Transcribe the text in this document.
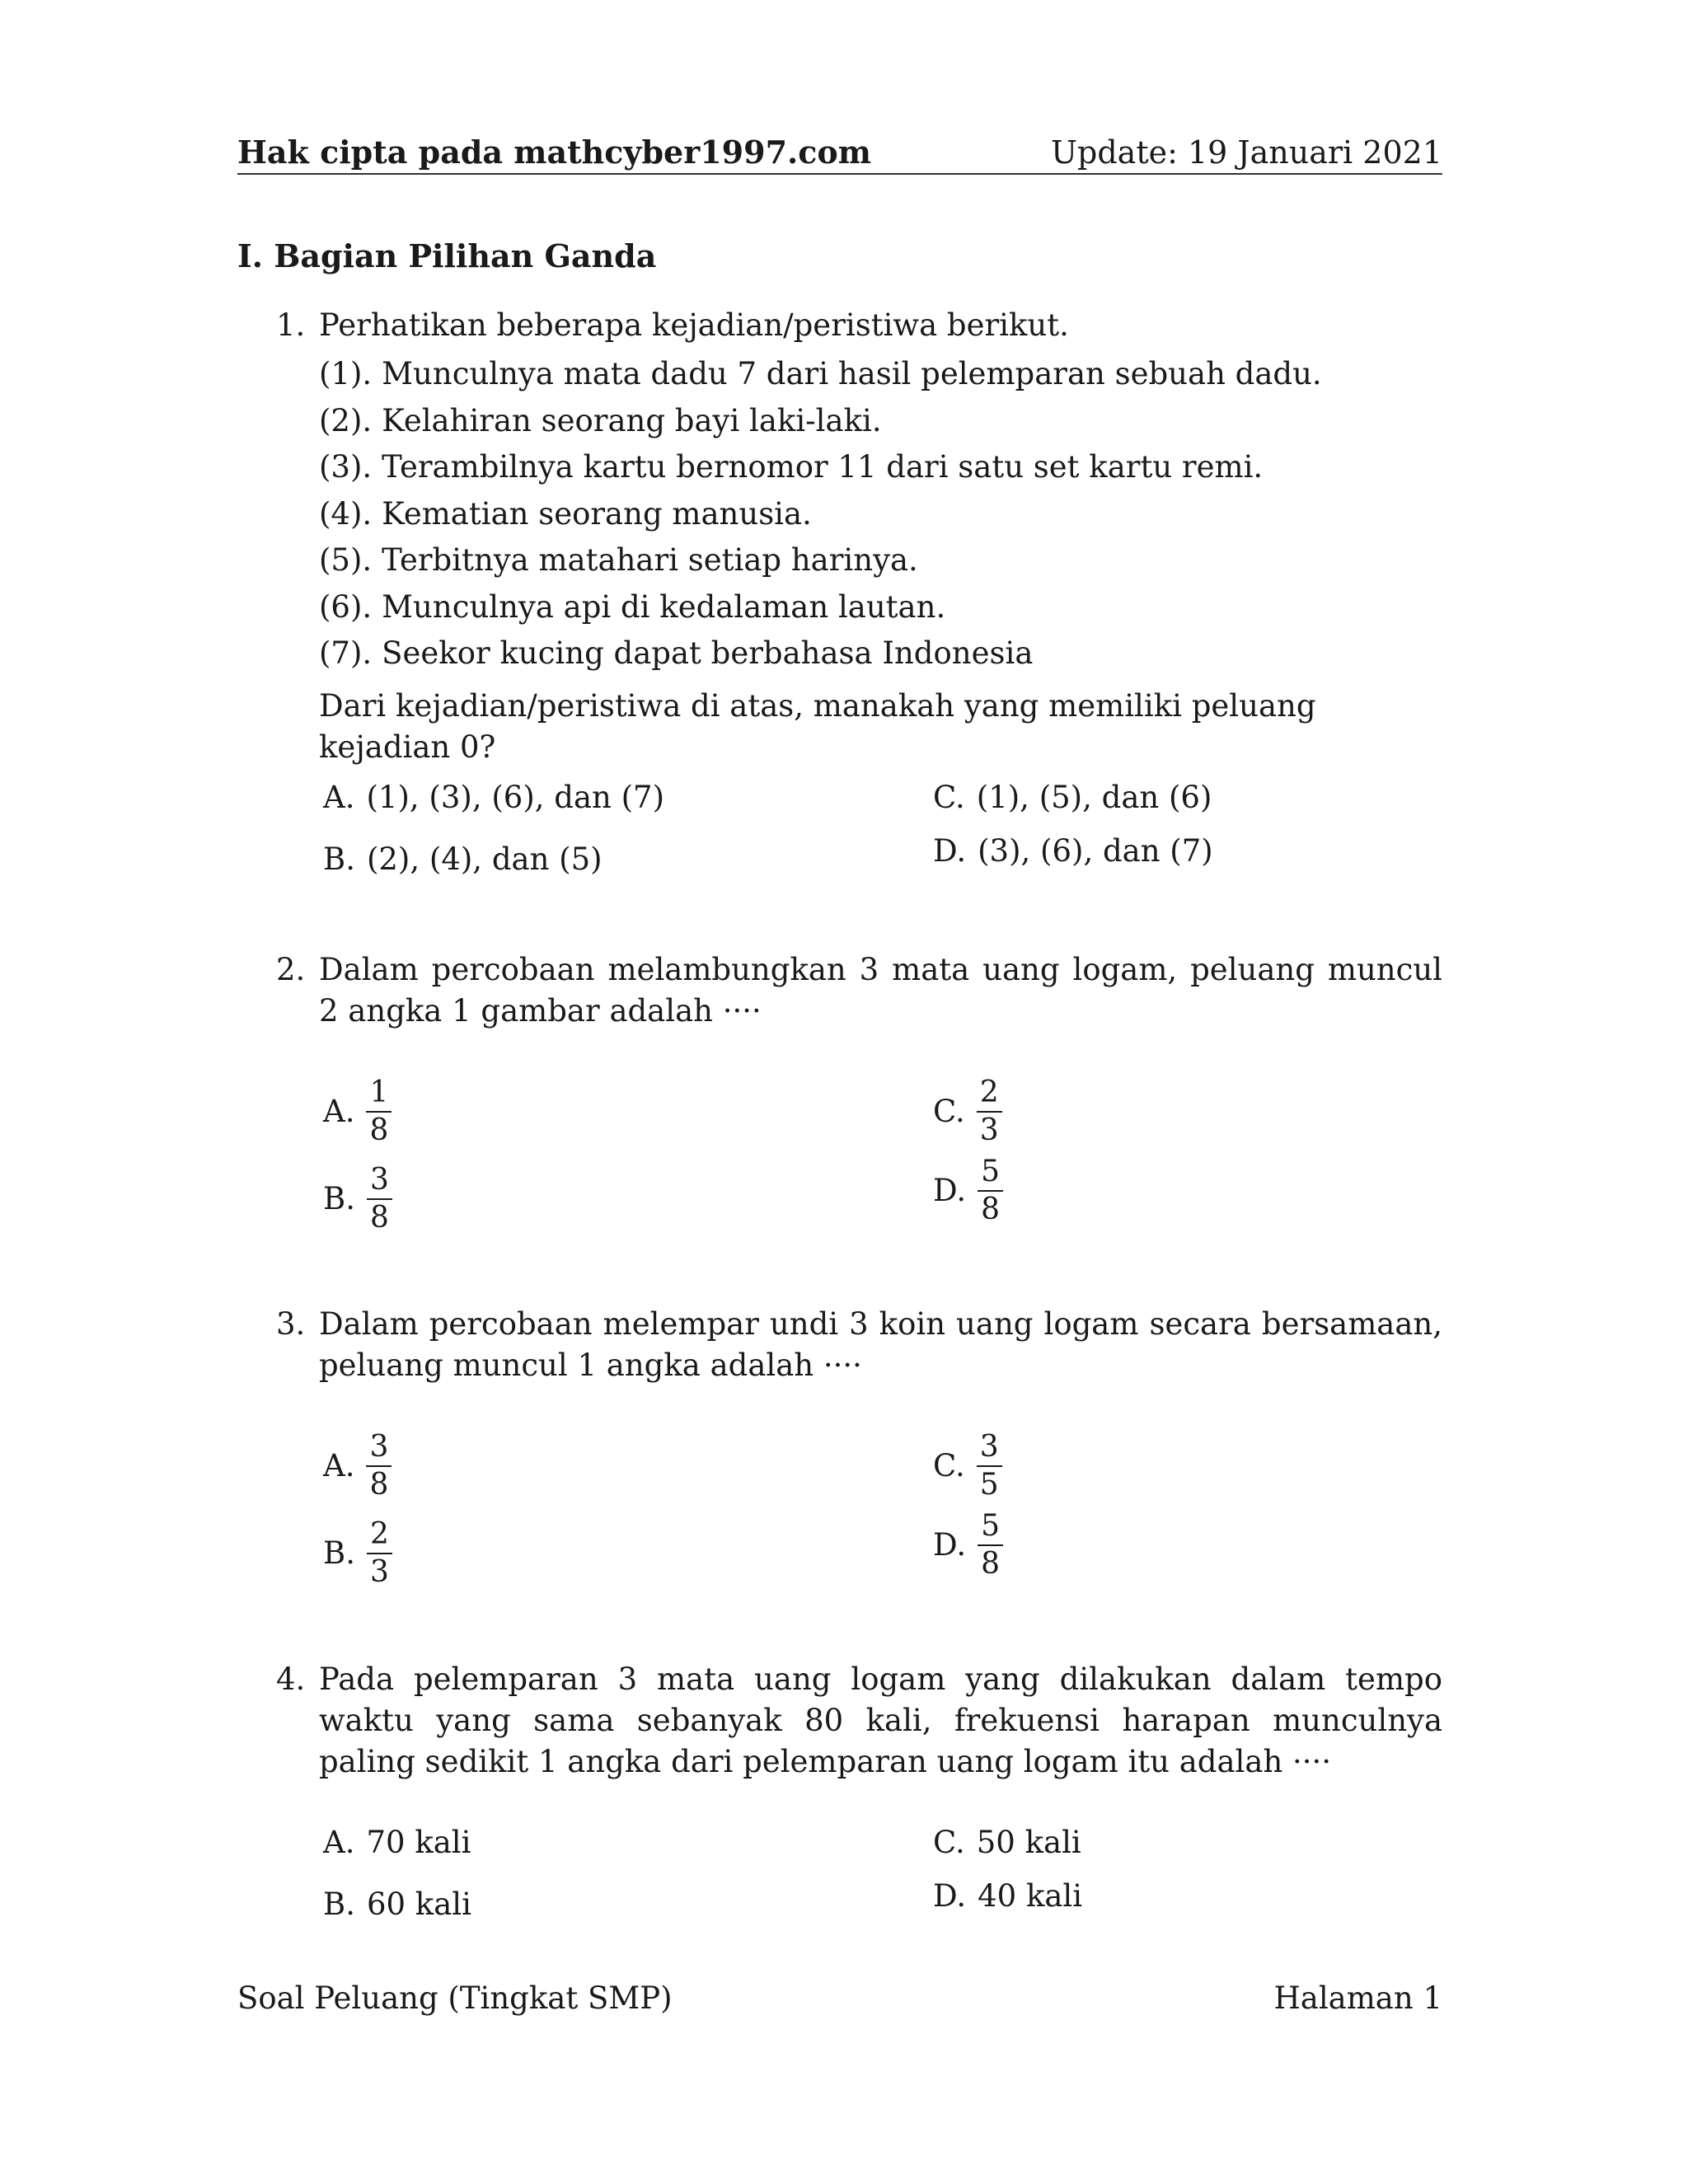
Hak cipta pada mathcyber1997.com	Update: 19 Januari 2021
I. Bagian Pilihan Ganda
1. Perhatikan beberapa kejadian/peristiwa berikut.
(1). Munculnya mata dadu 7 dari hasil pelemparan sebuah dadu.
(2). Kelahiran seorang bayi laki-laki.
(3). Terambilnya kartu bernomor 11 dari satu set kartu remi.
(4). Kematian seorang manusia.
(5). Terbitnya matahari setiap harinya.
(6). Munculnya api di kedalaman lautan.
(7). Seekor kucing dapat berbahasa Indonesia
Dari kejadian/peristiwa di atas, manakah yang memiliki peluang kejadian 0?
A. (1), (3), (6), dan (7)
B. (2), (4), dan (5)
C. (1), (5), dan (6)
D. (3), (6), dan (7)
2. Dalam percobaan melambungkan 3 mata uang logam, peluang muncul 2 angka 1 gambar adalah ····
A. $\frac{1}{8}$
B. $\frac{3}{8}$
C. $\frac{2}{3}$
D. $\frac{5}{8}$
3. Dalam percobaan melempar undi 3 koin uang logam secara bersamaan, peluang muncul 1 angka adalah ····
A. $\frac{3}{8}$
B. $\frac{2}{3}$
C. $\frac{3}{5}$
D. $\frac{5}{8}$
4. Pada pelemparan 3 mata uang logam yang dilakukan dalam tempo waktu yang sama sebanyak 80 kali, frekuensi harapan munculnya paling sedikit 1 angka dari pelemparan uang logam itu adalah ····
A. 70 kali
B. 60 kali
C. 50 kali
D. 40 kali
Soal Peluang (Tingkat SMP)	Halaman 1
